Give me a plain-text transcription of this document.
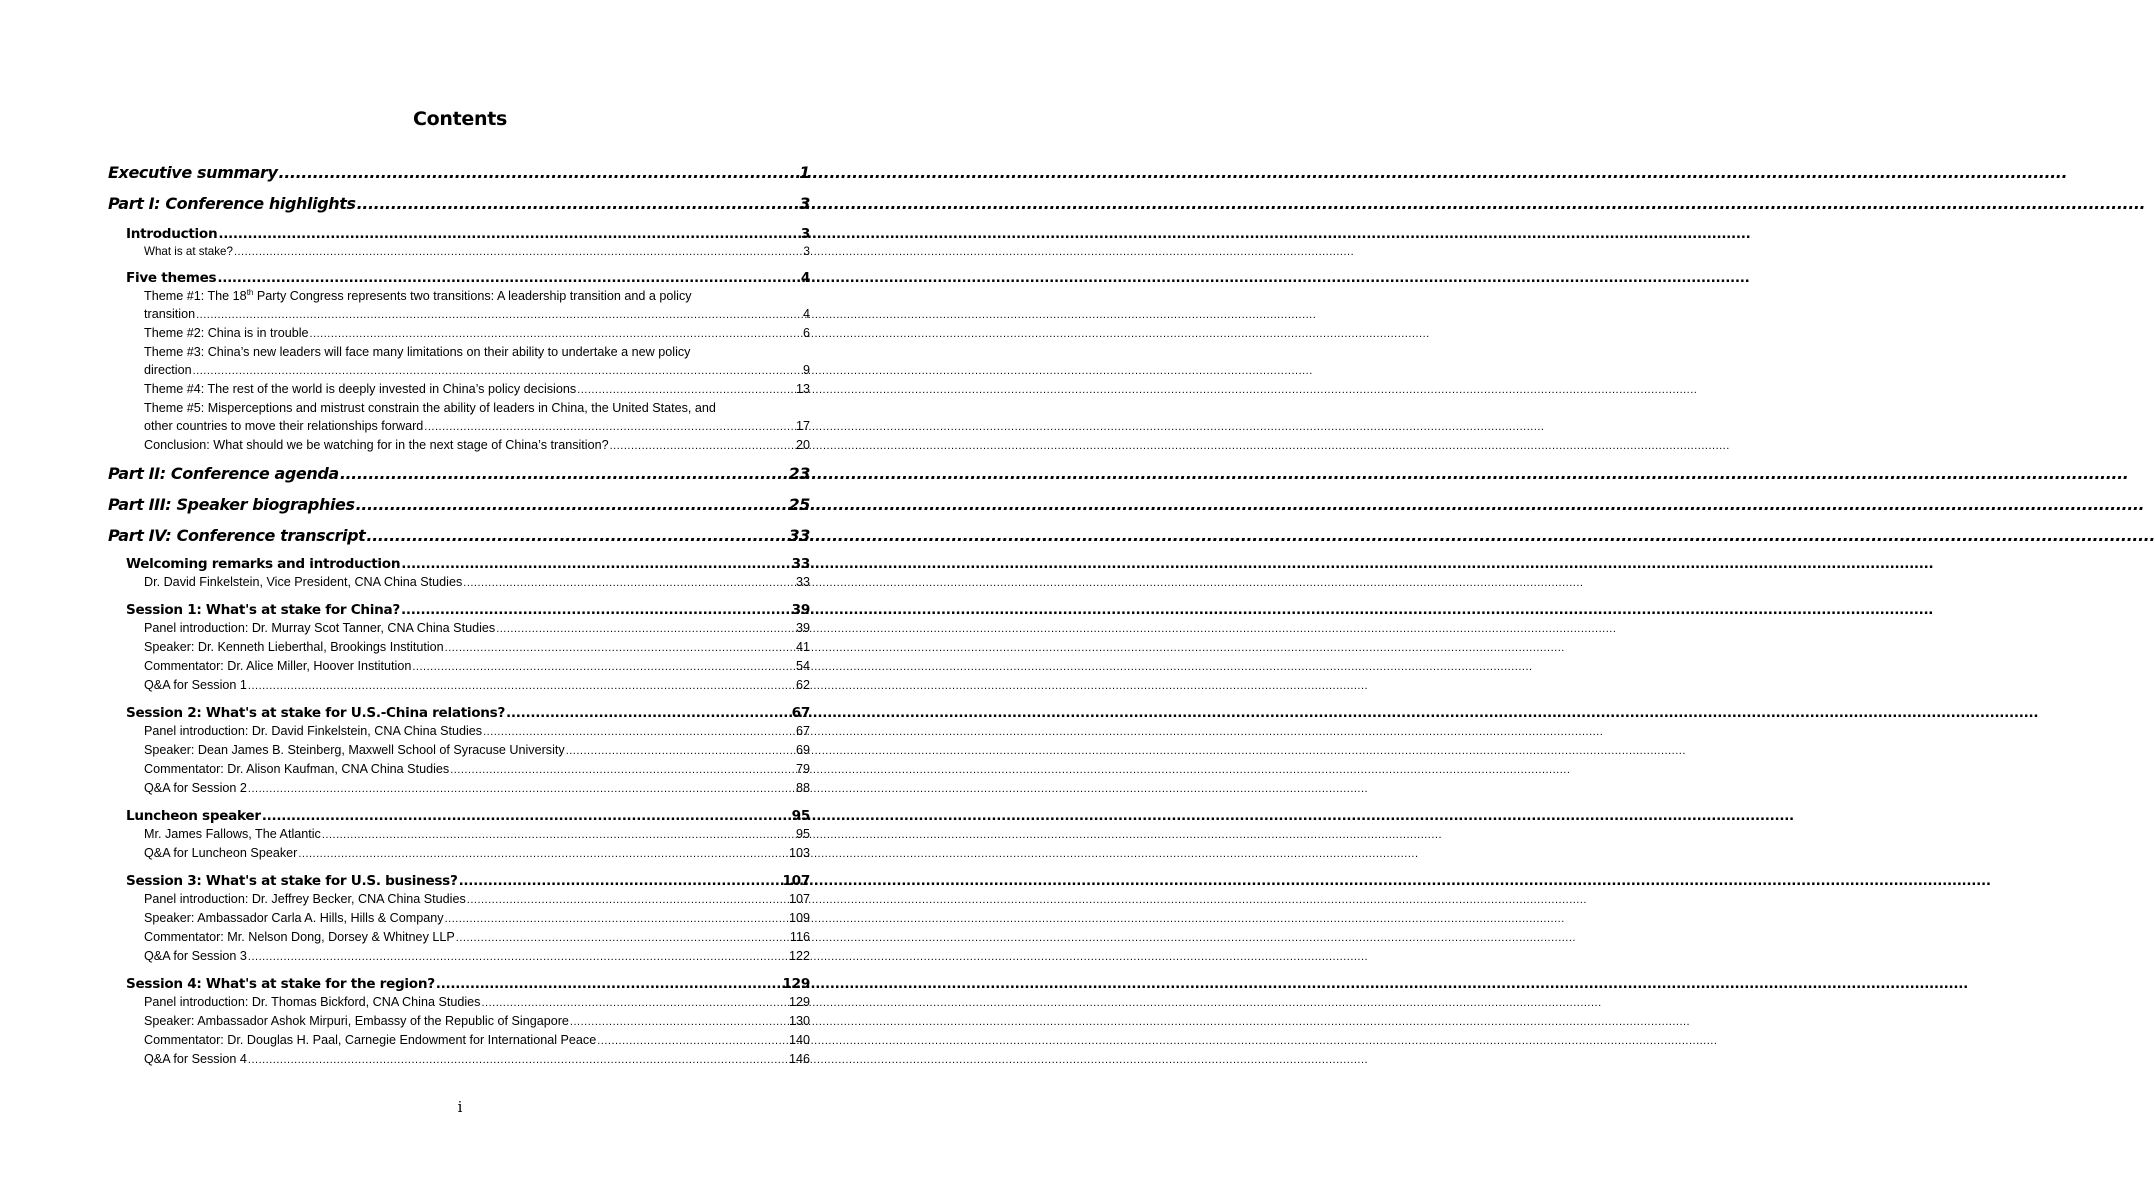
Contents
Executive summary .....	1
Part I: Conference highlights .....	3
Introduction .....	3
What is at stake? .....	3
Five themes .....	4
Theme #1: The 18th Party Congress represents two transitions: A leadership transition and a policy
transition .....	4
Theme #2: China is in trouble .....	6
Theme #3: China’s new leaders will face many limitations on their ability to undertake a new policy
direction .....	9
Theme #4: The rest of the world is deeply invested in China’s policy decisions .....	13
Theme #5: Misperceptions and mistrust constrain the ability of leaders in China, the United States, and
other countries to move their relationships forward .....	17
Conclusion: What should we be watching for in the next stage of China’s transition? .....	20
Part II: Conference agenda .....	23
Part III: Speaker biographies .....	25
Part IV: Conference transcript .....	33
Welcoming remarks and introduction .....	33
Dr. David Finkelstein, Vice President, CNA China Studies .....	33
Session 1: What's at stake for China? .....	39
Panel introduction: Dr. Murray Scot Tanner, CNA China Studies .....	39
Speaker: Dr. Kenneth Lieberthal, Brookings Institution .....	41
Commentator: Dr. Alice Miller, Hoover Institution .....	54
Q&A for Session 1 .....	62
Session 2: What's at stake for U.S.-China relations? .....	67
Panel introduction: Dr. David Finkelstein, CNA China Studies .....	67
Speaker: Dean James B. Steinberg, Maxwell School of Syracuse University .....	69
Commentator: Dr. Alison Kaufman, CNA China Studies .....	79
Q&A for Session 2 .....	88
Luncheon speaker .....	95
Mr. James Fallows, The Atlantic .....	95
Q&A for Luncheon Speaker .....	103
Session 3: What's at stake for U.S. business? .....	107
Panel introduction: Dr. Jeffrey Becker, CNA China Studies .....	107
Speaker: Ambassador Carla A. Hills, Hills & Company .....	109
Commentator: Mr. Nelson Dong, Dorsey & Whitney LLP .....	116
Q&A for Session 3 .....	122
Session 4: What's at stake for the region? .....	129
Panel introduction: Dr. Thomas Bickford, CNA China Studies .....	129
Speaker: Ambassador Ashok Mirpuri, Embassy of the Republic of Singapore .....	130
Commentator: Dr. Douglas H. Paal, Carnegie Endowment for International Peace .....	140
Q&A for Session 4 .....	146
i
